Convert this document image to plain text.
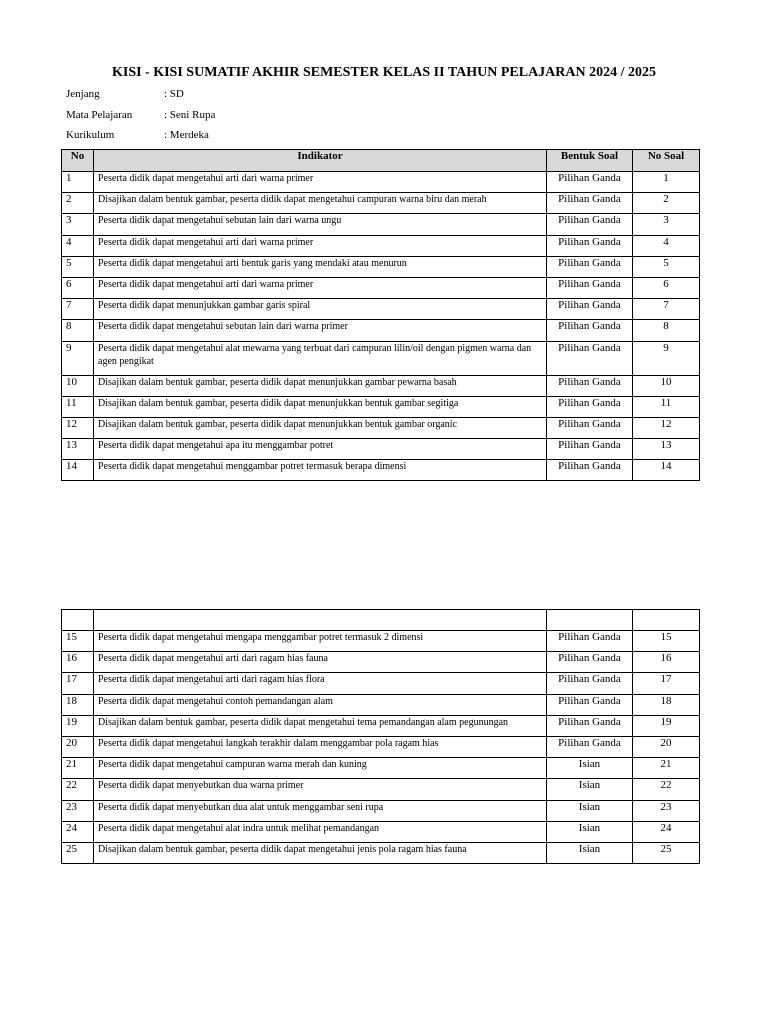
KISI - KISI SUMATIF AKHIR SEMESTER KELAS II TAHUN PELAJARAN 2024 / 2025
Jenjang	: SD
Mata Pelajaran	: Seni Rupa
Kurikulum	: Merdeka
No	Indikator	Bentuk Soal	No Soal
1	Peserta didik dapat mengetahui arti dari warna primer	Pilihan Ganda	1
2	Disajikan dalam bentuk gambar, peserta didik dapat mengetahui campuran warna biru dan merah	Pilihan Ganda	2
3	Peserta didik dapat mengetahui sebutan lain dari warna ungu	Pilihan Ganda	3
4	Peserta didik dapat mengetahui arti dari warna primer	Pilihan Ganda	4
5	Peserta didik dapat mengetahui arti bentuk garis yang mendaki atau menurun	Pilihan Ganda	5
6	Peserta didik dapat mengetahui arti dari warna primer	Pilihan Ganda	6
7	Peserta didik dapat menunjukkan gambar garis spiral	Pilihan Ganda	7
8	Peserta didik dapat mengetahui sebutan lain dari warna primer	Pilihan Ganda	8
9	Peserta didik dapat mengetahui alat mewarna yang terbuat dari campuran lilin/oil dengan pigmen warna dan agen pengikat	Pilihan Ganda	9
10	Disajikan dalam bentuk gambar, peserta didik dapat menunjukkan gambar pewarna basah	Pilihan Ganda	10
11	Disajikan dalam bentuk gambar, peserta didik dapat menunjukkan bentuk gambar segitiga	Pilihan Ganda	11
12	Disajikan dalam bentuk gambar, peserta didik dapat menunjukkan bentuk gambar organic	Pilihan Ganda	12
13	Peserta didik dapat mengetahui apa itu menggambar potret	Pilihan Ganda	13
14	Peserta didik dapat mengetahui menggambar potret termasuk berapa dimensi	Pilihan Ganda	14

15	Peserta didik dapat mengetahui mengapa menggambar potret termasuk 2 dimensi	Pilihan Ganda	15
16	Peserta didik dapat mengetahui arti dari ragam hias fauna	Pilihan Ganda	16
17	Peserta didik dapat mengetahui arti dari ragam hias flora	Pilihan Ganda	17
18	Peserta didik dapat mengetahui contoh pemandangan alam	Pilihan Ganda	18
19	Disajikan dalam bentuk gambar, peserta didik dapat mengetahui tema pemandangan alam pegunungan	Pilihan Ganda	19
20	Peserta didik dapat mengetahui langkah terakhir dalam menggambar pola ragam hias	Pilihan Ganda	20
21	Peserta didik dapat mengetahui campuran warna merah dan kuning	Isian	21
22	Peserta didik dapat menyebutkan dua warna primer	Isian	22
23	Peserta didik dapat menyebutkan dua alat untuk menggambar seni rupa	Isian	23
24	Peserta didik dapat mengetahui alat indra untuk melihat pemandangan	Isian	24
25	Disajikan dalam bentuk gambar, peserta didik dapat mengetahui jenis pola ragam hias fauna	Isian	25
